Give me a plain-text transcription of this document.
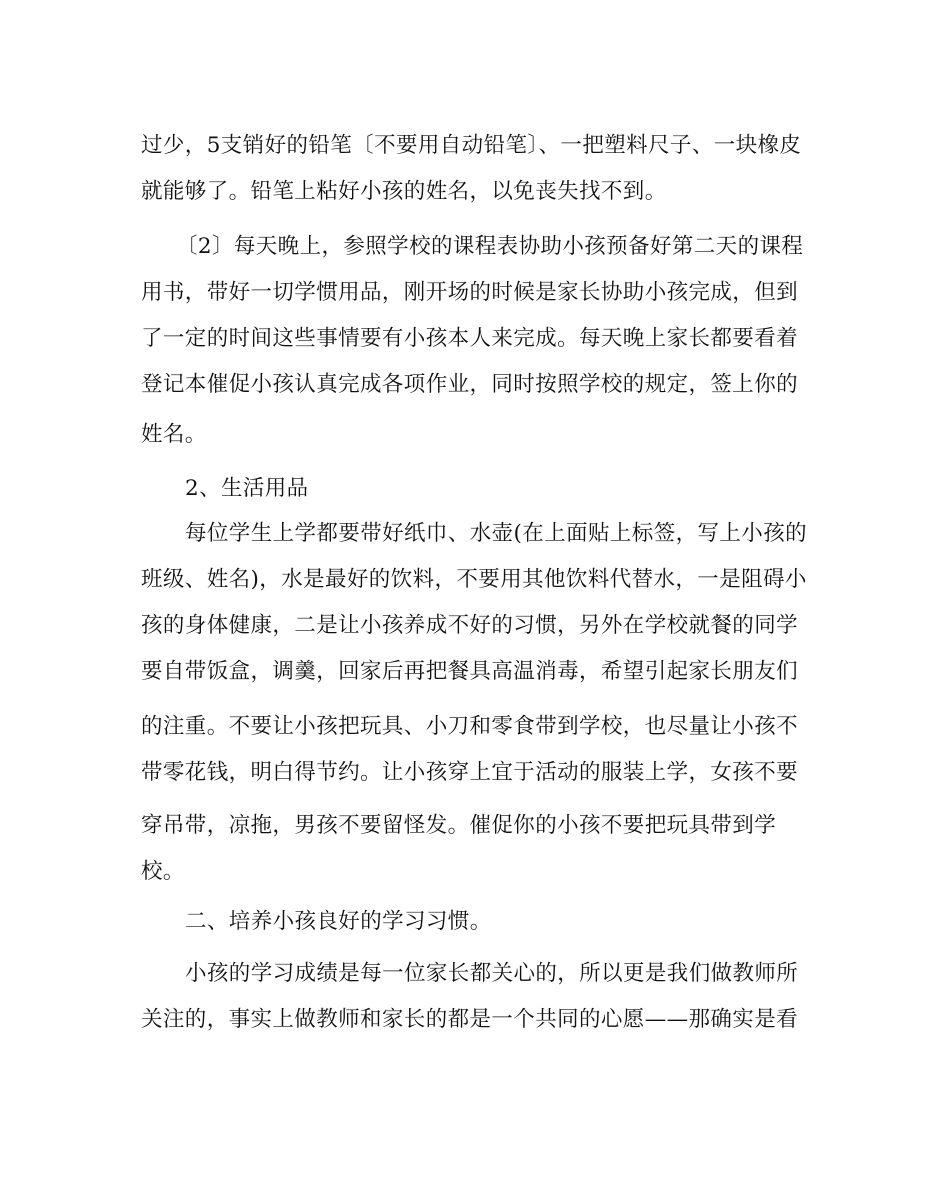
过少，5支销好的铅笔〔不要用自动铅笔〕、一把塑料尺子、一块橡皮
就能够了。铅笔上粘好小孩的姓名，以免丧失找不到。
〔2〕每天晚上，参照学校的课程表协助小孩预备好第二天的课程
用书，带好一切学惯用品，刚开场的时候是家长协助小孩完成，但到
了一定的时间这些事情要有小孩本人来完成。每天晚上家长都要看着
登记本催促小孩认真完成各项作业，同时按照学校的规定，签上你的
姓名。
2、生活用品
每位学生上学都要带好纸巾、水壶(在上面贴上标签，写上小孩的
班级、姓名)，水是最好的饮料，不要用其他饮料代替水，一是阻碍小
孩的身体健康，二是让小孩养成不好的习惯，另外在学校就餐的同学
要自带饭盒，调羹，回家后再把餐具高温消毒，希望引起家长朋友们
的注重。不要让小孩把玩具、小刀和零食带到学校，也尽量让小孩不
带零花钱，明白得节约。让小孩穿上宜于活动的服装上学，女孩不要
穿吊带，凉拖，男孩不要留怪发。催促你的小孩不要把玩具带到学
校。
二、培养小孩良好的学习习惯。
小孩的学习成绩是每一位家长都关心的，所以更是我们做教师所
关注的，事实上做教师和家长的都是一个共同的心愿——那确实是看
